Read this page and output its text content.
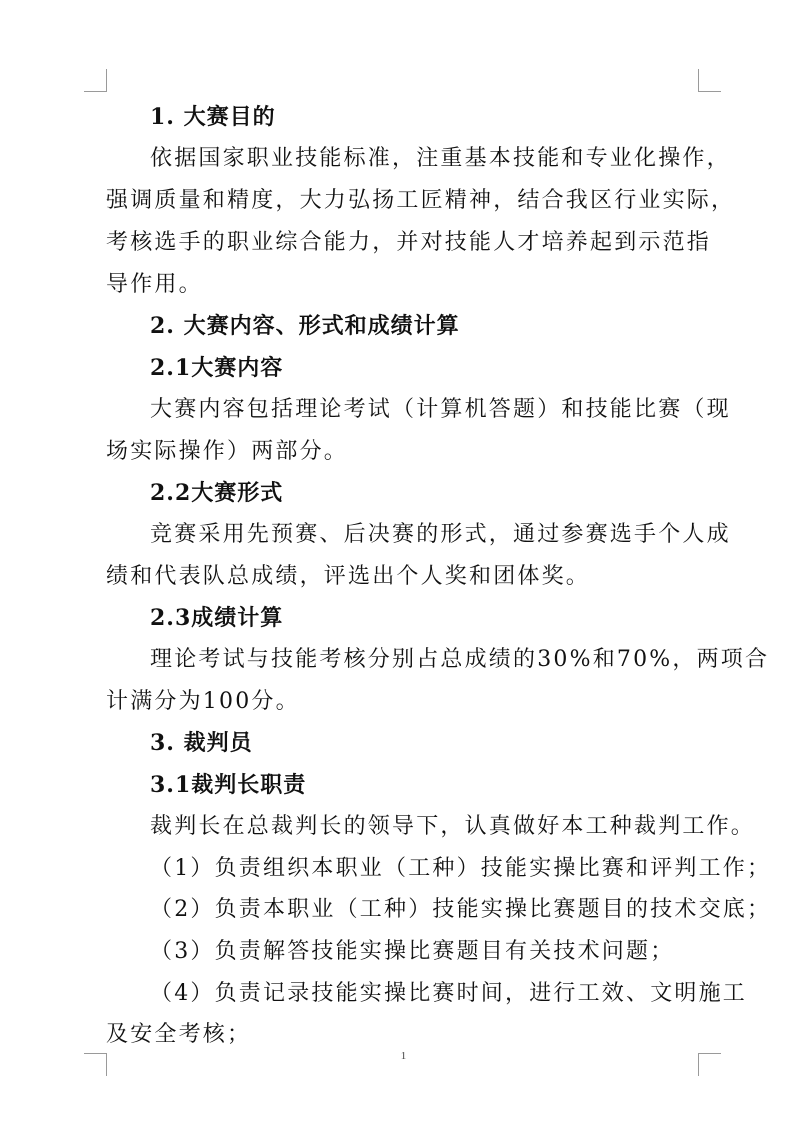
1. 大赛目的
依据国家职业技能标准，注重基本技能和专业化操作，
强调质量和精度，大力弘扬工匠精神，结合我区行业实际，
考核选手的职业综合能力，并对技能人才培养起到示范指
导作用。
2. 大赛内容、形式和成绩计算
2.1大赛内容
大赛内容包括理论考试（计算机答题）和技能比赛（现
场实际操作）两部分。
2.2大赛形式
竞赛采用先预赛、后决赛的形式，通过参赛选手个人成
绩和代表队总成绩，评选出个人奖和团体奖。
2.3成绩计算
理论考试与技能考核分别占总成绩的30%和70%，两项合
计满分为100分。
3. 裁判员
3.1裁判长职责
裁判长在总裁判长的领导下，认真做好本工种裁判工作。
（1）负责组织本职业（工种）技能实操比赛和评判工作；
（2）负责本职业（工种）技能实操比赛题目的技术交底；
（3）负责解答技能实操比赛题目有关技术问题；
（4）负责记录技能实操比赛时间，进行工效、文明施工
及安全考核；
1
